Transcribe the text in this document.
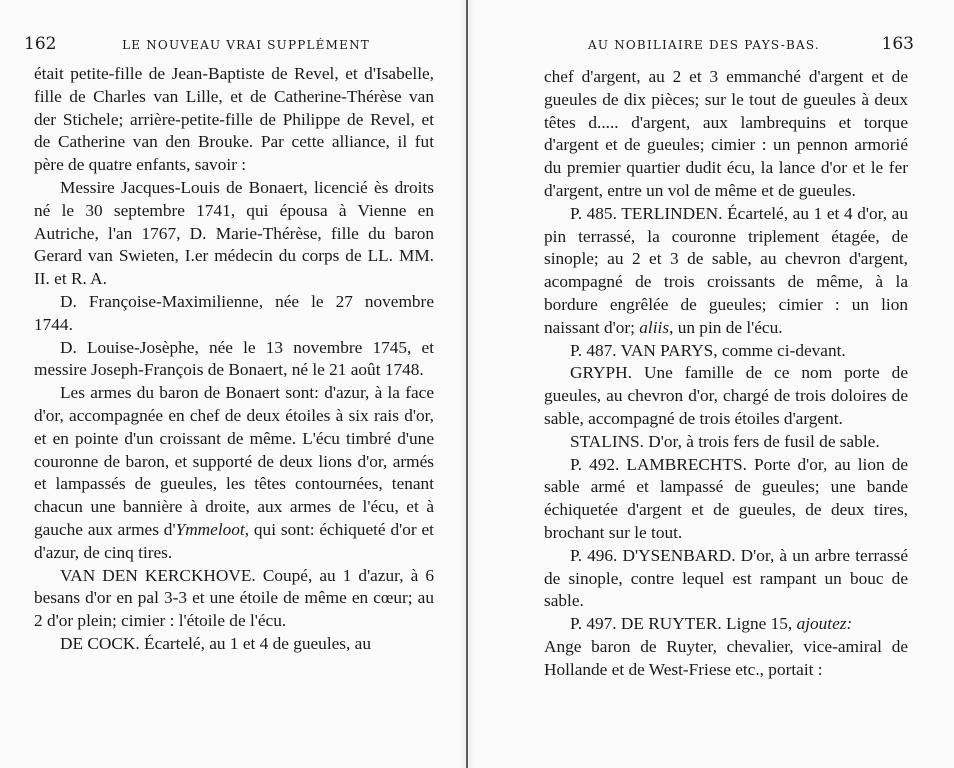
162	LE NOUVEAU VRAI SUPPLÉMENT

était petite-fille de Jean-Baptiste de Revel, et d'Isabelle, fille de Charles van Lille, et de Catherine-Thérèse van der Stichele; arrière-petite-fille de Philippe de Revel, et de Catherine van den Brouke. Par cette alliance, il fut père de quatre enfants, savoir :

Messire Jacques-Louis de Bonaert, licencié ès droits né le 30 septembre 1741, qui épousa à Vienne en Autriche, l'an 1767, D. Marie-Thérèse, fille du baron Gerard van Swieten, I.er médecin du corps de LL. MM. II. et R. A.

D. Françoise-Maximilienne, née le 27 novembre 1744.

D. Louise-Josèphe, née le 13 novembre 1745, et messire Joseph-François de Bonaert, né le 21 août 1748.

Les armes du baron de Bonaert sont: d'azur, à la face d'or, accompagnée en chef de deux étoiles à six rais d'or, et en pointe d'un croissant de même. L'écu timbré d'une couronne de baron, et supporté de deux lions d'or, armés et lampassés de gueules, les têtes contournées, tenant chacun une bannière à droite, aux armes de l'écu, et à gauche aux armes d'Ymmeloot, qui sont: échiqueté d'or et d'azur, de cinq tires.

VAN DEN KERCKHOVE. Coupé, au 1 d'azur, à 6 besans d'or en pal 3-3 et une étoile de même en cœur; au 2 d'or plein; cimier : l'étoile de l'écu.

DE COCK. Écartelé, au 1 et 4 de gueules, au

AU NOBILIAIRE DES PAYS-BAS.	163

chef d'argent, au 2 et 3 emmanché d'argent et de gueules de dix pièces; sur le tout de gueules à deux têtes d..... d'argent, aux lambrequins et torque d'argent et de gueules; cimier : un pennon armorié du premier quartier dudit écu, la lance d'or et le fer d'argent, entre un vol de même et de gueules.

P. 485. TERLINDEN. Écartelé, au 1 et 4 d'or, au pin terrassé, la couronne triplement étagée, de sinople; au 2 et 3 de sable, au chevron d'argent, acompagné de trois croissants de même, à la bordure engrêlée de gueules; cimier : un lion naissant d'or; aliis, un pin de l'écu.

P. 487. VAN PARYS, comme ci-devant.

GRYPH. Une famille de ce nom porte de gueules, au chevron d'or, chargé de trois doloires de sable, accompagné de trois étoiles d'argent.

STALINS. D'or, à trois fers de fusil de sable.

P. 492. LAMBRECHTS. Porte d'or, au lion de sable armé et lampassé de gueules; une bande échiquetée d'argent et de gueules, de deux tires, brochant sur le tout.

P. 496. D'YSENBARD. D'or, à un arbre terrassé de sinople, contre lequel est rampant un bouc de sable.

P. 497. DE RUYTER. Ligne 15, ajoutez:

Ange baron de Ruyter, chevalier, vice-amiral de Hollande et de West-Friese etc., portait :
